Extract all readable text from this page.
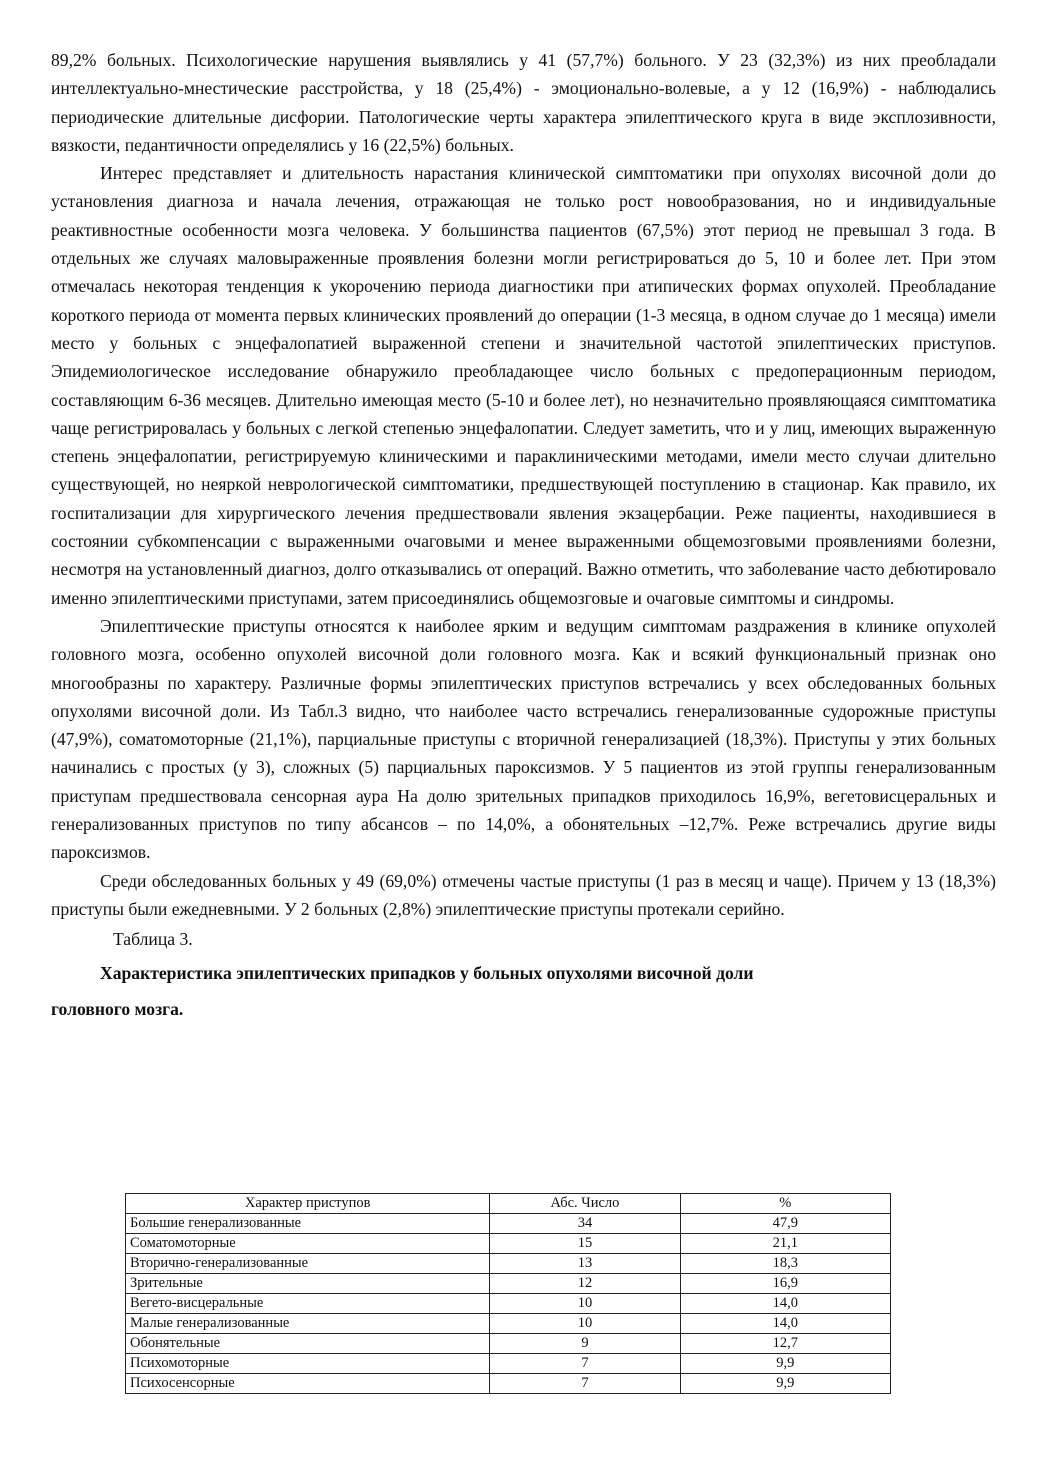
89,2% больных. Психологические нарушения выявлялись у 41 (57,7%) больного. У 23 (32,3%) из них преобладали интеллектуально-мнестические расстройства, у 18 (25,4%) - эмоционально-волевые, а у 12 (16,9%) - наблюдались периодические длительные дисфории. Патологические черты характера эпилептического круга в виде эксплозивности, вязкости, педантичности определялись у 16 (22,5%) больных.

Интерес представляет и длительность нарастания клинической симптоматики при опухолях височной доли до установления диагноза и начала лечения, отражающая не только рост новообразования, но и индивидуальные реактивностные особенности мозга человека. У большинства пациентов (67,5%) этот период не превышал 3 года. В отдельных же случаях маловыраженные проявления болезни могли регистрироваться до 5, 10 и более лет. При этом отмечалась некоторая тенденция к укорочению периода диагностики при атипических формах опухолей. Преобладание короткого периода от момента первых клинических проявлений до операции (1-3 месяца, в одном случае до 1 месяца) имели место у больных с энцефалопатией выраженной степени и значительной частотой эпилептических приступов. Эпидемиологическое исследование обнаружило преобладающее число больных с предоперационным периодом, составляющим 6-36 месяцев. Длительно имеющая место (5-10 и более лет), но незначительно проявляющаяся симптоматика чаще регистрировалась у больных с легкой степенью энцефалопатии. Следует заметить, что и у лиц, имеющих выраженную степень энцефалопатии, регистрируемую клиническими и параклиническими методами, имели место случаи длительно существующей, но неяркой неврологической симптоматики, предшествующей поступлению в стационар. Как правило, их госпитализации для хирургического лечения предшествовали явления экзацербации. Реже пациенты, находившиеся в состоянии субкомпенсации с выраженными очаговыми и менее выраженными общемозговыми проявлениями болезни, несмотря на установленный диагноз, долго отказывались от операций. Важно отметить, что заболевание часто дебютировало именно эпилептическими приступами, затем присоединялись общемозговые и очаговые симптомы и синдромы.

Эпилептические приступы относятся к наиболее ярким и ведущим симптомам раздражения в клинике опухолей головного мозга, особенно опухолей височной доли головного мозга. Как и всякий функциональный признак оно многообразны по характеру. Различные формы эпилептических приступов встречались у всех обследованных больных опухолями височной доли. Из Табл.3 видно, что наиболее часто встречались генерализованные судорожные приступы (47,9%), соматомоторные (21,1%), парциальные приступы с вторичной генерализацией (18,3%). Приступы у этих больных начинались с простых (у 3), сложных (5) парциальных пароксизмов. У 5 пациентов из этой группы генерализованным приступам предшествовала сенсорная аура На долю зрительных припадков приходилось 16,9%, вегетовисцеральных и генерализованных приступов по типу абсансов – по 14,0%, а обонятельных –12,7%. Реже встречались другие виды пароксизмов.

Среди обследованных больных у 49 (69,0%) отмечены частые приступы (1 раз в месяц и чаще). Причем у 13 (18,3%) приступы были ежедневными. У 2 больных (2,8%) эпилептические приступы протекали серийно.

Таблица 3.

Характеристика эпилептических припадков у больных опухолями височной доли
головного мозга.

Характер приступов	Абс. Число	%
Большие генерализованные	34	47,9
Соматомоторные	15	21,1
Вторично-генерализованные	13	18,3
Зрительные	12	16,9
Вегето-висцеральные	10	14,0
Малые генерализованные	10	14,0
Обонятельные	9	12,7
Психомоторные	7	9,9
Психосенсорные	7	9,9
